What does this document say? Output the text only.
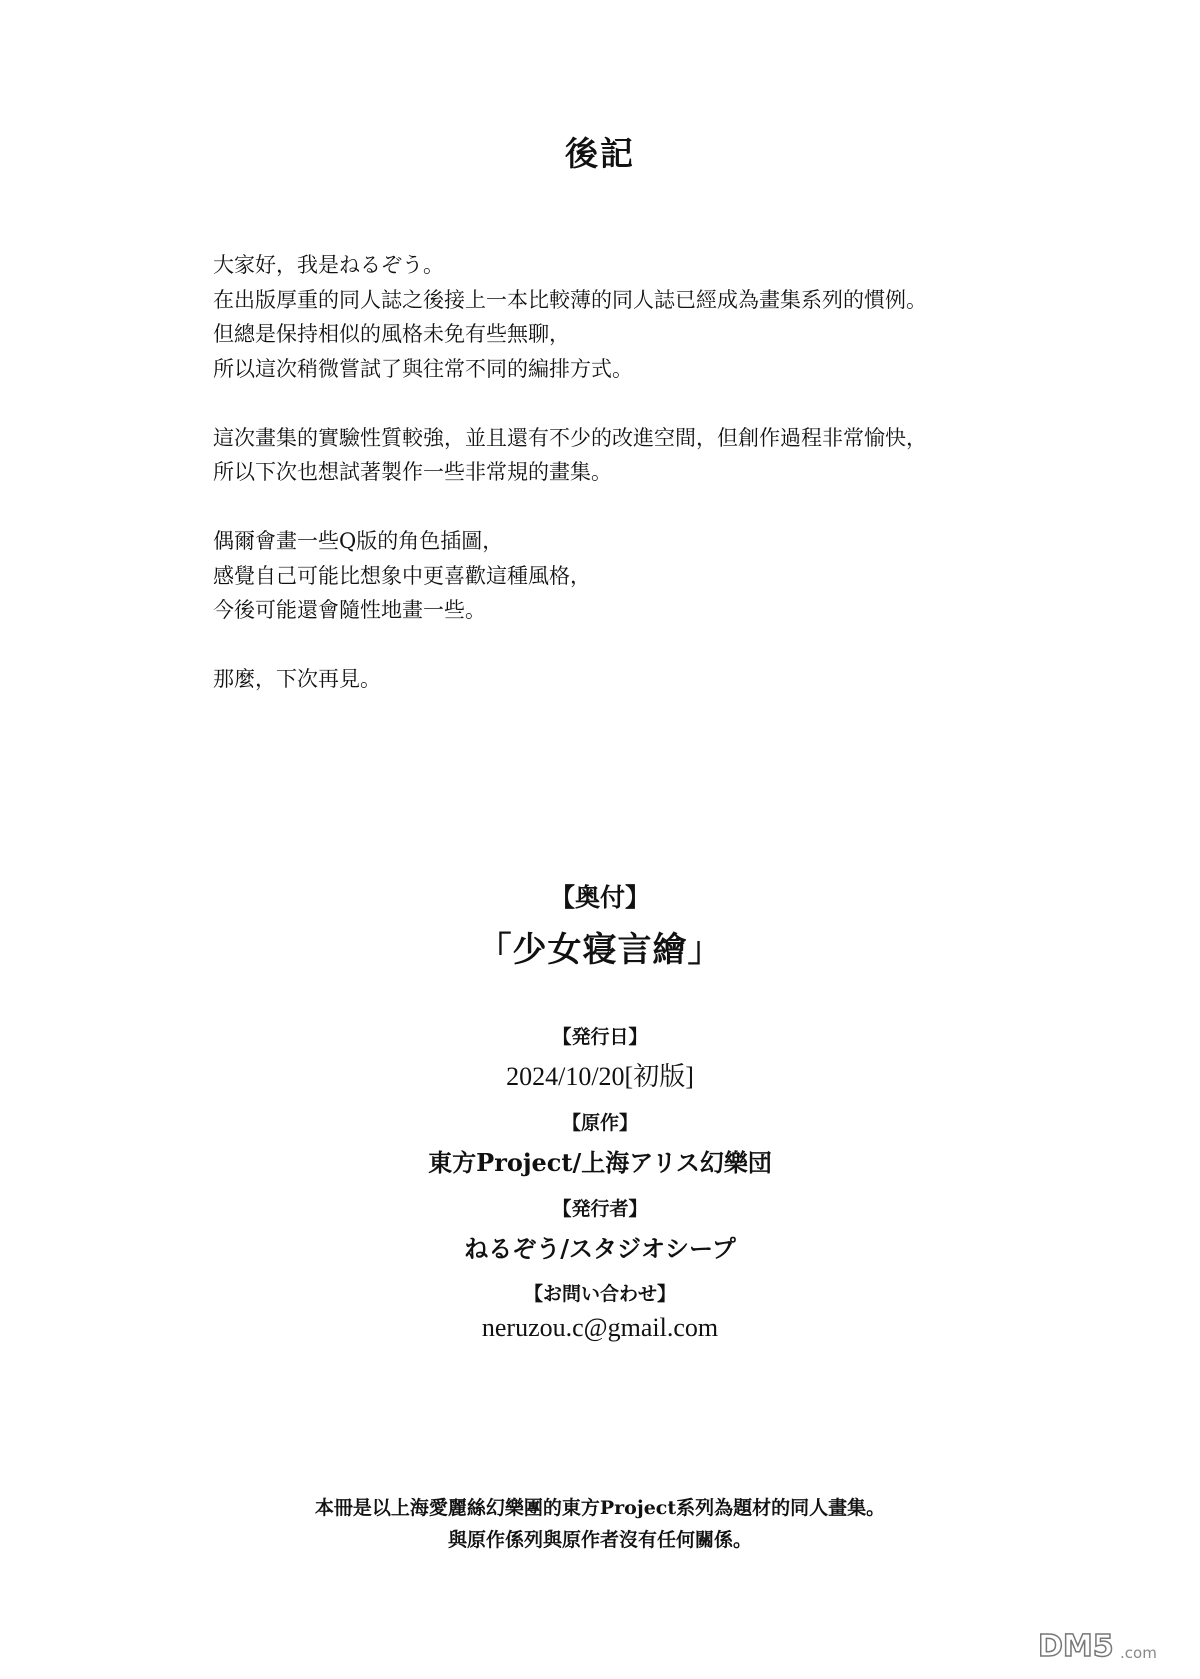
後記
大家好，我是ねるぞう。
在出版厚重的同人誌之後接上一本比較薄的同人誌已經成為畫集系列的慣例。
但總是保持相似的風格未免有些無聊，
所以這次稍微嘗試了與往常不同的編排方式。
這次畫集的實驗性質較強，並且還有不少的改進空間，但創作過程非常愉快，
所以下次也想試著製作一些非常規的畫集。
偶爾會畫一些Q版的角色插圖，
感覺自己可能比想象中更喜歡這種風格，
今後可能還會隨性地畫一些。
那麼，下次再見。
【奥付】
「少女寝言繪」
【発行日】
2024/10/20[初版]
【原作】
東方Project/上海アリス幻樂団
【発行者】
ねるぞう/スタジオシープ
【お問い合わせ】
neruzou.c@gmail.com
本冊是以上海愛麗絲幻樂團的東方Project系列為題材的同人畫集。
與原作係列與原作者沒有任何關係。
DM5 .com
